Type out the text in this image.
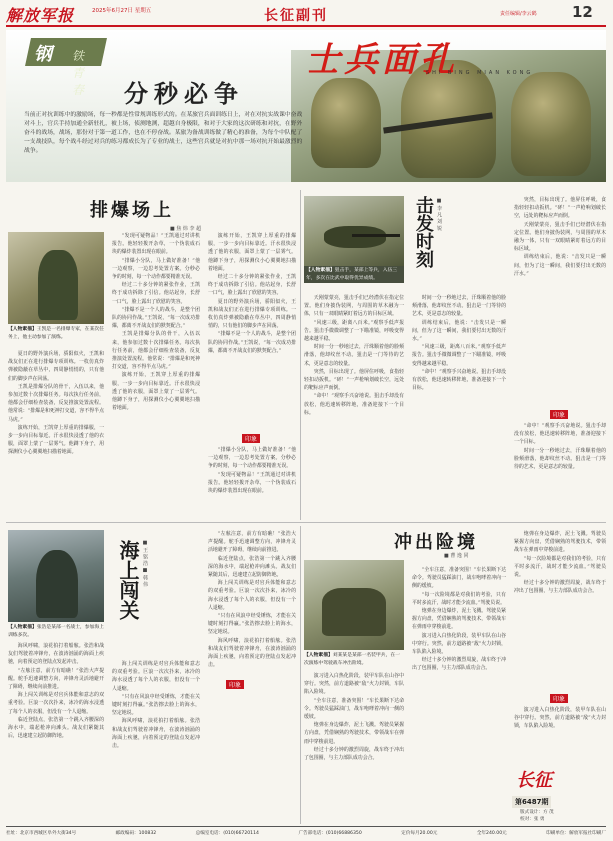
解放军报	2025年6月27日 星期五	长征副刊	责任编辑/李云鹤 12
士兵面孔
SHI BING MIAN KONG
钢 铁青春 分秒必争
当前正对抗训练中的激励场，每一秒都是性常规训练形式的。在某旅官兵面训练日上，对在对抗实战课中奋战对斗上，官兵手持加通全新驻扎，被上场，侦测地测，超越自身极限，和对于大家的这次研练和对抗，在野外奋斗的战场，战场，那份对于第一道工作，也在不停奋战。某旅为备战训练做了精心的准备，为每个中队配了一支战技队，每个战斗经过对兵的练习都成长为了专业的战士，这些官兵就是对抗中那一场对抗开始最激烈的战争。
排爆场上
■ 焦 炜 李 超
【人物素描】王凯是一名排爆专家，在某次任务上，他主动参加了演练。

夏日的野外演兵场，骄阳似火，王凯和战友们正在进行排爆专项训练。一枚仿真炸弹被隐蔽在草丛中，四周静悄悄的，只有他们的脚步声在回荡。

王凯是排爆分队的骨干，入伍以来，他参加过数十次排爆任务。每次执行任务前，他都会仔细检查装备，反复推演处置流程。他常说：“排爆是和死神打交道，容不得半点马虎。”

演练开始，王凯穿上厚重的排爆服，一步一步向目标靠近。汗水很快浸透了他的衣服，面罩上蒙了一层雾气。他蹲下身子，用探测仪小心翼翼地扫描着地面。

“发现可疑物品！”王凯通过对讲机报告。他轻轻拨开杂草，一个伪装成石块的爆炸装置出现在眼前。

“排爆小分队，马上做好准备！”他一边观察，一边思考处置方案。分秒必争的时刻，每一个动作都要精准无误。

经过二十多分钟的紧张作业，王凯终于成功拆除了引信。他站起身，长舒一口气，脸上露出了欣慰的笑容。

“排爆不是一个人的战斗，是整个团队的协同作战。”王凯说，“每一次成功排爆，都离不开战友们的默契配合。”

王凯是排爆分队的骨干，入伍以来，他参加过数十次排爆任务。每次执行任务前，他都会仔细检查装备，反复推演处置流程。他常说：“排爆是和死神打交道，容不得半点马虎。”

演练开始，王凯穿上厚重的排爆服，一步一步向目标靠近。汗水很快浸透了他的衣服，面罩上蒙了一层雾气。他蹲下身子，用探测仪小心翼翼地扫描着地面。

演练开始，王凯穿上厚重的排爆服，一步一步向目标靠近。汗水很快浸透了他的衣服，面罩上蒙了一层雾气。他蹲下身子，用探测仪小心翼翼地扫描着地面。

经过二十多分钟的紧张作业，王凯终于成功拆除了引信。他站起身，长舒一口气，脸上露出了欣慰的笑容。

夏日的野外演兵场，骄阳似火，王凯和战友们正在进行排爆专项训练。一枚仿真炸弹被隐蔽在草丛中，四周静悄悄的，只有他们的脚步声在回荡。

“排爆不是一个人的战斗，是整个团队的协同作战。”王凯说，“每一次成功排爆，都离不开战友们的默契配合。”

印象

“排爆小分队，马上做好准备！”他一边观察，一边思考处置方案。分秒必争的时刻，每一个动作都要精准无误。

“发现可疑物品！”王凯通过对讲机报告。他轻轻拨开杂草，一个伪装成石块的爆炸装置出现在眼前。

击发时刻 ■ 李 凡 刘 锐
【人物素描】狙击手，某部上等兵，入伍三年，多次在比武中取得优异成绩。

天刚蒙蒙亮，狙击手们已经潜伏在指定位置。他们身披伪装网，与周围的草木融为一体，只有一双眼睛紧盯着远方的目标区域。

“风速三级，距离八百米。”观察手低声报告。狙击手微微调整了一下瞄准镜，呼吸变得越来越平稳。

时间一分一秒地过去，汗珠顺着他的脸颊滑落，他却纹丝不动。狙击是一门等待的艺术，更是意志的较量。

突然，目标出现了。他屏住呼吸，食指轻轻扣动扳机。“砰！”一声枪响划破长空，远处的靶标应声而倒。

“命中！”观察手兴奋地说。狙击手却没有放松，他迅速转移阵地，准备迎接下一个目标。

时间一分一秒地过去，汗珠顺着他的脸颊滑落，他却纹丝不动。狙击是一门等待的艺术，更是意志的较量。

训练结束后，他说：“击发只是一瞬间，但为了这一瞬间，我们要付出无数的汗水。”

“风速三级，距离八百米。”观察手低声报告。狙击手微微调整了一下瞄准镜，呼吸变得越来越平稳。

“命中！”观察手兴奋地说。狙击手却没有放松，他迅速转移阵地，准备迎接下一个目标。

突然，目标出现了。他屏住呼吸，食指轻轻扣动扳机。“砰！”一声枪响划破长空，远处的靶标应声而倒。

天刚蒙蒙亮，狙击手们已经潜伏在指定位置。他们身披伪装网，与周围的草木融为一体，只有一双眼睛紧盯着远方的目标区域。

训练结束后，他说：“击发只是一瞬间，但为了这一瞬间，我们要付出无数的汗水。”

印象

“命中！”观察手兴奋地说。狙击手却没有放松，他迅速转移阵地，准备迎接下一个目标。

时间一分一秒地过去，汗珠顺着他的脸颊滑落，他却纹丝不动。狙击是一门等待的艺术，更是意志的较量。

【人物素描】张浩是某部一名战士，参加海上训练多次。

海风呼啸，浪花拍打着船舷。张浩和战友们驾驶着冲锋舟，在波涛汹涌的海面上疾驰，向着预定的登陆点发起冲击。

“左舷注意，前方有暗礁！”张浩大声提醒。舵手迅速调整方向，冲锋舟灵活地避开了障碍，继续向前推进。

海上闯关训练是对官兵体能和意志的双重考验。巨浪一次次扑来，冰冷的海水浸透了每个人的衣服，但没有一个人退缩。

临近登陆点，张浩第一个跳入齐腰深的海水中，端起枪冲向滩头。战友们紧随其后，迅速建立起防御阵地。

海上闯关 ■ 王 铭 浩 ■ 韩 伟

海上闯关训练是对官兵体能和意志的双重考验。巨浪一次次扑来，冰冷的海水浸透了每个人的衣服，但没有一个人退缩。

“只有在风浪中经受锤炼，才能在关键时刻打得赢。”张浩擦去脸上的海水，坚定地说。

海风呼啸，浪花拍打着船舷。张浩和战友们驾驶着冲锋舟，在波涛汹涌的海面上疾驰，向着预定的登陆点发起冲击。

“左舷注意，前方有暗礁！”张浩大声提醒。舵手迅速调整方向，冲锋舟灵活地避开了障碍，继续向前推进。

临近登陆点，张浩第一个跳入齐腰深的海水中，端起枪冲向滩头。战友们紧随其后，迅速建立起防御阵地。

海上闯关训练是对官兵体能和意志的双重考验。巨浪一次次扑来，冰冷的海水浸透了每个人的衣服，但没有一个人退缩。

“只有在风浪中经受锤炼，才能在关键时刻打得赢。”张浩擦去脸上的海水，坚定地说。

海风呼啸，浪花拍打着船舷。张浩和战友们驾驶着冲锋舟，在波涛汹涌的海面上疾驰，向着预定的登陆点发起冲击。

印象
冲出险境
■ 曹 逸 同
【人物素描】刘某某是某部一名装甲兵，在一次演练中驾驶战车冲出险境。

演习进入白热化阶段，装甲车队在山谷中穿行。突然，前方道路被“敌”火力封锁，车队陷入险境。

“全车注意，准备突围！”车长果断下达命令。驾驶员猛踩油门，战车咆哮着冲向一侧的缓坡。

炮弹在身边爆炸，泥土飞溅。驾驶员紧握方向盘，凭借娴熟的驾驶技术，带领战车在弹雨中穿梭前进。

经过十多分钟的激烈周旋，战车终于冲出了包围圈，与主力部队成功会合。

“全车注意，准备突围！”车长果断下达命令。驾驶员猛踩油门，战车咆哮着冲向一侧的缓坡。

“每一次险境都是对我们的考验，只有平时多流汗，战时才能少流血。”驾驶员说。

炮弹在身边爆炸，泥土飞溅。驾驶员紧握方向盘，凭借娴熟的驾驶技术，带领战车在弹雨中穿梭前进。

演习进入白热化阶段，装甲车队在山谷中穿行。突然，前方道路被“敌”火力封锁，车队陷入险境。

经过十多分钟的激烈周旋，战车终于冲出了包围圈，与主力部队成功会合。

炮弹在身边爆炸，泥土飞溅。驾驶员紧握方向盘，凭借娴熟的驾驶技术，带领战车在弹雨中穿梭前进。

“每一次险境都是对我们的考验，只有平时多流汗，战时才能少流血。”驾驶员说。

经过十多分钟的激烈周旋，战车终于冲出了包围圈，与主力部队成功会合。

印象

演习进入白热化阶段，装甲车队在山谷中穿行。突然，前方道路被“敌”火力封锁，车队陷入险境。

长征
第6487期
版式设计：方 茂
校对：张 勇
社址：北京市西城区阜外大街34号	邮政编码：100832	总编室电话：(010)66720114	广告部电话：(010)66886350	定价每月20.00元	全年240.00元	印刷单位：解放军报社印刷厂
